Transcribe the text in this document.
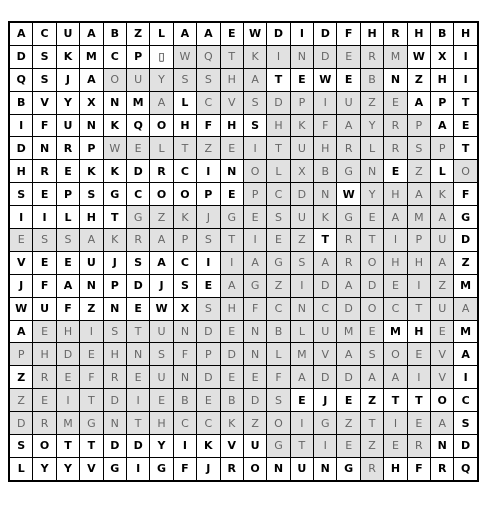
A	C	U	A	B	Z	L	A	A	E	W	D	I	D	F	H	R	H	B	H
D	S	K	M	C	P	▯	W	Q	T	K	I	N	D	E	R	M	W	X	I
Q	S	J	A	O	U	Y	S	S	H	A	T	E	W	E	B	N	Z	H	I
B	V	Y	X	N	M	A	L	C	V	S	D	P	I	U	Z	E	A	P	T
I	F	U	N	K	Q	O	H	F	H	S	H	K	F	A	Y	R	P	A	E
D	N	R	P	W	E	L	T	Z	E	I	T	U	H	R	L	R	S	P	T
H	R	E	K	K	D	R	C	I	N	O	L	X	B	G	N	E	Z	L	O
S	E	P	S	G	C	O	O	P	E	P	C	D	N	W	Y	H	A	K	F
I	I	L	H	T	G	Z	K	J	G	E	S	U	K	G	E	A	M	A	G
E	S	S	A	K	R	A	P	S	T	I	E	Z	T	R	T	I	P	U	D
V	E	E	U	J	S	A	C	I	I	A	G	S	A	R	O	H	H	A	Z
J	F	A	N	P	D	J	S	E	A	G	Z	I	D	A	D	E	I	Z	M
W	U	F	Z	N	E	W	X	S	H	F	C	N	C	D	O	C	T	U	A
A	E	H	I	S	T	U	N	D	E	N	B	L	U	M	E	M	H	E	M
P	H	D	E	H	N	S	F	P	D	N	L	M	V	A	S	O	E	V	A
Z	R	E	F	R	E	U	N	D	E	E	F	A	D	D	A	A	I	V	I
Z	E	I	T	D	I	E	B	E	B	D	S	E	J	E	Z	T	T	O	C
D	R	M	G	N	T	H	C	C	K	Z	O	I	G	Z	T	I	E	A	S
S	O	T	T	D	D	Y	I	K	V	U	G	T	I	E	Z	E	R	N	D
L	Y	Y	V	G	I	G	F	J	R	O	N	U	N	G	R	H	F	R	Q
